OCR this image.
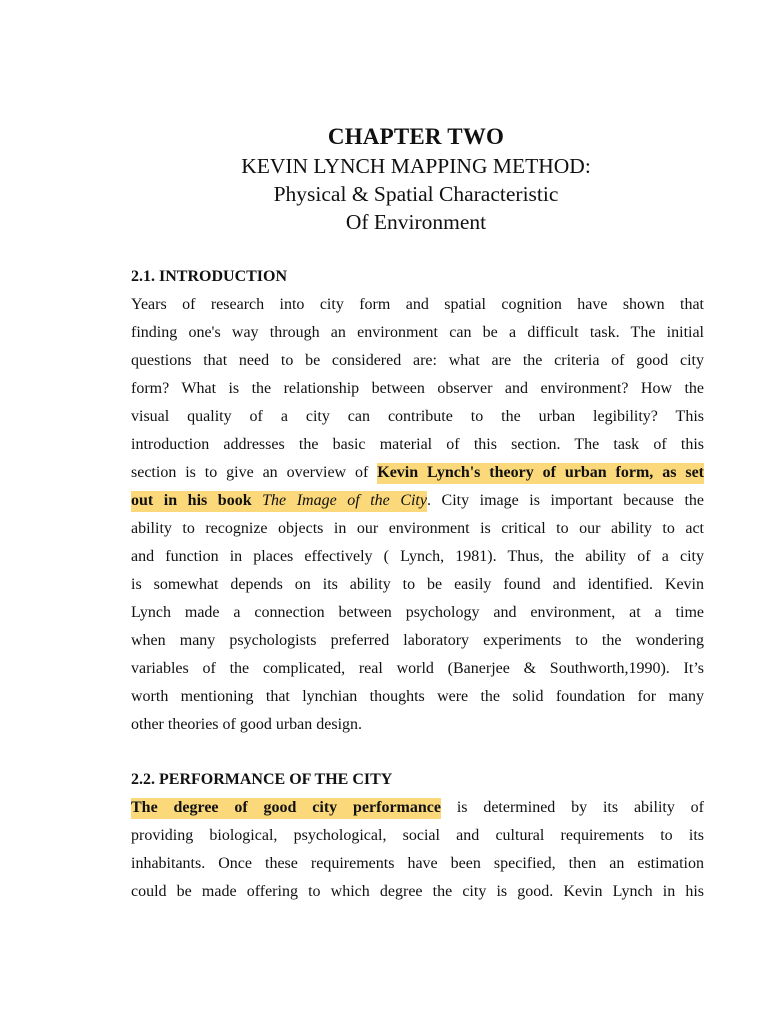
CHAPTER TWO
KEVIN LYNCH MAPPING METHOD:
Physical & Spatial Characteristic
Of Environment
2.1. INTRODUCTION
Years of research into city form and spatial cognition have shown that
finding one's way through an environment can be a difficult task. The initial
questions that need to be considered are: what are the criteria of good city
form? What is the relationship between observer and environment? How the
visual quality of a city can contribute to the urban legibility? This
introduction addresses the basic material of this section. The task of this
section is to give an overview of Kevin Lynch's theory of urban form, as set
out in his book The Image of the City. City image is important because the
ability to recognize objects in our environment is critical to our ability to act
and function in places effectively ( Lynch, 1981). Thus, the ability of a city
is somewhat depends on its ability to be easily found and identified. Kevin
Lynch made a connection between psychology and environment, at a time
when many psychologists preferred laboratory experiments to the wondering
variables of the complicated, real world (Banerjee & Southworth,1990). It’s
worth mentioning that lynchian thoughts were the solid foundation for many
other theories of good urban design.
2.2. PERFORMANCE OF THE CITY
The degree of good city performance is determined by its ability of
providing biological, psychological, social and cultural requirements to its
inhabitants. Once these requirements have been specified, then an estimation
could be made offering to which degree the city is good. Kevin Lynch in his
